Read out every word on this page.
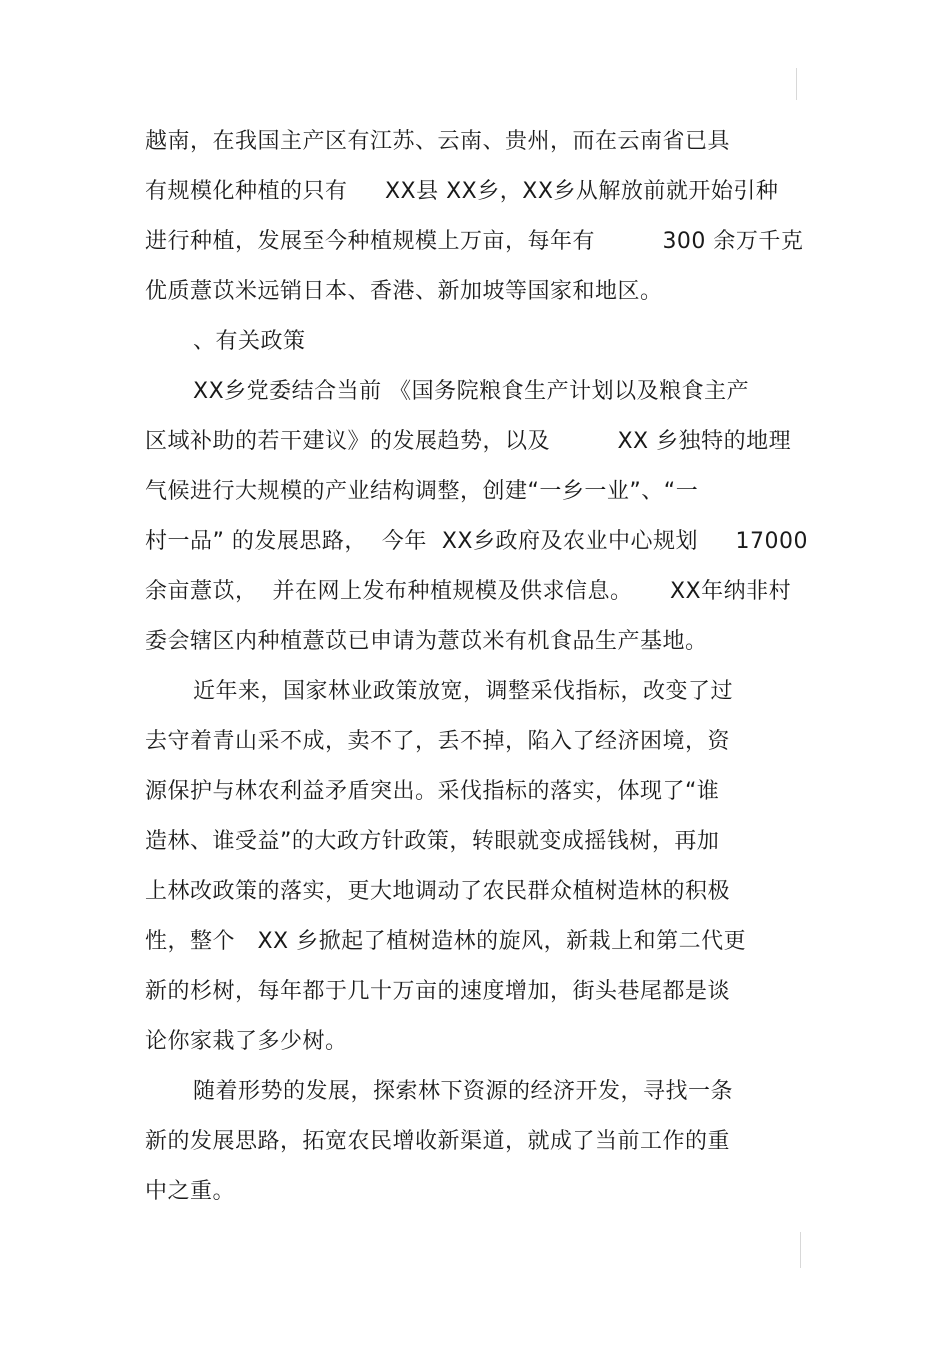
越南，在我国主产区有江苏、云南、贵州，而在云南省已具
有规模化种植的只有     XX县 XX乡，XX乡从解放前就开始引种
进行种植，发展至今种植规模上万亩，每年有         300 余万千克
优质薏苡米远销日本、香港、新加坡等国家和地区。
、有关政策
XX乡党委结合当前 《国务院粮食生产计划以及粮食主产
区域补助的若干建议》的发展趋势，以及         XX 乡独特的地理
气候进行大规模的产业结构调整，创建“一乡一业”、“一
村一品” 的发展思路，  今年  XX乡政府及农业中心规划     17000
余亩薏苡，  并在网上发布种植规模及供求信息。     XX年纳非村
委会辖区内种植薏苡已申请为薏苡米有机食品生产基地。
近年来，国家林业政策放宽，调整采伐指标，改变了过
去守着青山采不成，卖不了，丢不掉，陷入了经济困境，资
源保护与林农利益矛盾突出。采伐指标的落实，体现了“谁
造林、谁受益”的大政方针政策，转眼就变成摇钱树，再加
上林改政策的落实，更大地调动了农民群众植树造林的积极
性，整个   XX 乡掀起了植树造林的旋风，新栽上和第二代更
新的杉树，每年都于几十万亩的速度增加，街头巷尾都是谈
论你家栽了多少树。
随着形势的发展，探索林下资源的经济开发，寻找一条
新的发展思路，拓宽农民增收新渠道，就成了当前工作的重
中之重。
